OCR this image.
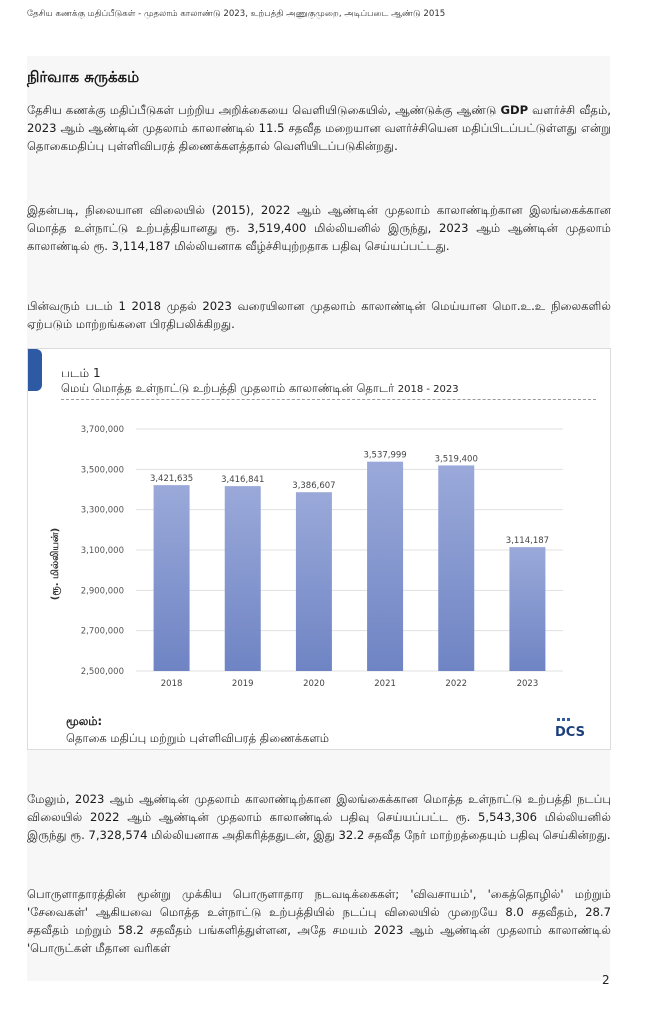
தேசிய கணக்கு மதிப்பீடுகள் - முதலாம் காலாண்டு 2023, உற்பத்தி அணுகுமுறை, அடிப்படை ஆண்டு 2015
நிர்வாக சுருக்கம்
தேசிய கணக்கு மதிப்பீடுகள் பற்றிய அறிக்கையை வெளியிடுகையில், ஆண்டுக்கு ஆண்டு GDP வளர்ச்சி வீதம், 2023 ஆம் ஆண்டின் முதலாம் காலாண்டில் 11.5 சதவீத மறையான வளர்ச்சியென மதிப்பிடப்பட்டுள்ளது என்று தொகைமதிப்பு புள்ளிவிபரத் திணைக்களத்தால் வெளியிடப்படுகின்றது.
இதன்படி, நிலையான விலையில் (2015), 2022 ஆம் ஆண்டின் முதலாம் காலாண்டிற்கான இலங்கைக்கான மொத்த உள்நாட்டு உற்பத்தியானது ரூ. 3,519,400 மில்லியனில் இருந்து, 2023 ஆம் ஆண்டின் முதலாம் காலாண்டில் ரூ. 3,114,187 மில்லியனாக வீழ்ச்சியுற்றதாக பதிவு செய்யப்பட்டது.
பின்வரும் படம் 1 2018 முதல் 2023 வரையிலான முதலாம் காலாண்டின் மெய்யான மொ.உ.உ நிலைகளில் ஏற்படும் மாற்றங்களை பிரதிபலிக்கிறது.
படம் 1
மெய் மொத்த உள்நாட்டு உற்பத்தி முதலாம் காலாண்டின் தொடர் 2018 - 2023
2,500,000
2,700,000
2,900,000
3,100,000
3,300,000
3,500,000
3,700,000
3,421,635
2018
3,416,841
2019
3,386,607
2020
3,537,999
2021
3,519,400
2022
3,114,187
2023
(ரூ. மில்லியன்)
மூலம்:
தொகை மதிப்பு மற்றும் புள்ளிவிபரத் திணைக்களம்	DCS
மேலும், 2023 ஆம் ஆண்டின் முதலாம் காலாண்டிற்கான இலங்கைக்கான மொத்த உள்நாட்டு உற்பத்தி நடப்பு விலையில் 2022 ஆம் ஆண்டின் முதலாம் காலாண்டில் பதிவு செய்யப்பட்ட ரூ. 5,543,306 மில்லியனில் இருந்து ரூ. 7,328,574 மில்லியனாக அதிகரித்ததுடன், இது 32.2 சதவீத நேர் மாற்றத்தையும் பதிவு செய்கின்றது.
பொருளாதாரத்தின் மூன்று முக்கிய பொருளாதார நடவடிக்கைகள்; 'விவசாயம்', 'கைத்தொழில்' மற்றும் 'சேவைகள்' ஆகியவை மொத்த உள்நாட்டு உற்பத்தியில் நடப்பு விலையில் முறையே 8.0 சதவீதம், 28.7 சதவீதம் மற்றும் 58.2 சதவீதம் பங்களித்துள்ளன, அதே சமயம் 2023 ஆம் ஆண்டின் முதலாம் காலாண்டில் 'பொருட்கள் மீதான வரிகள்
2
